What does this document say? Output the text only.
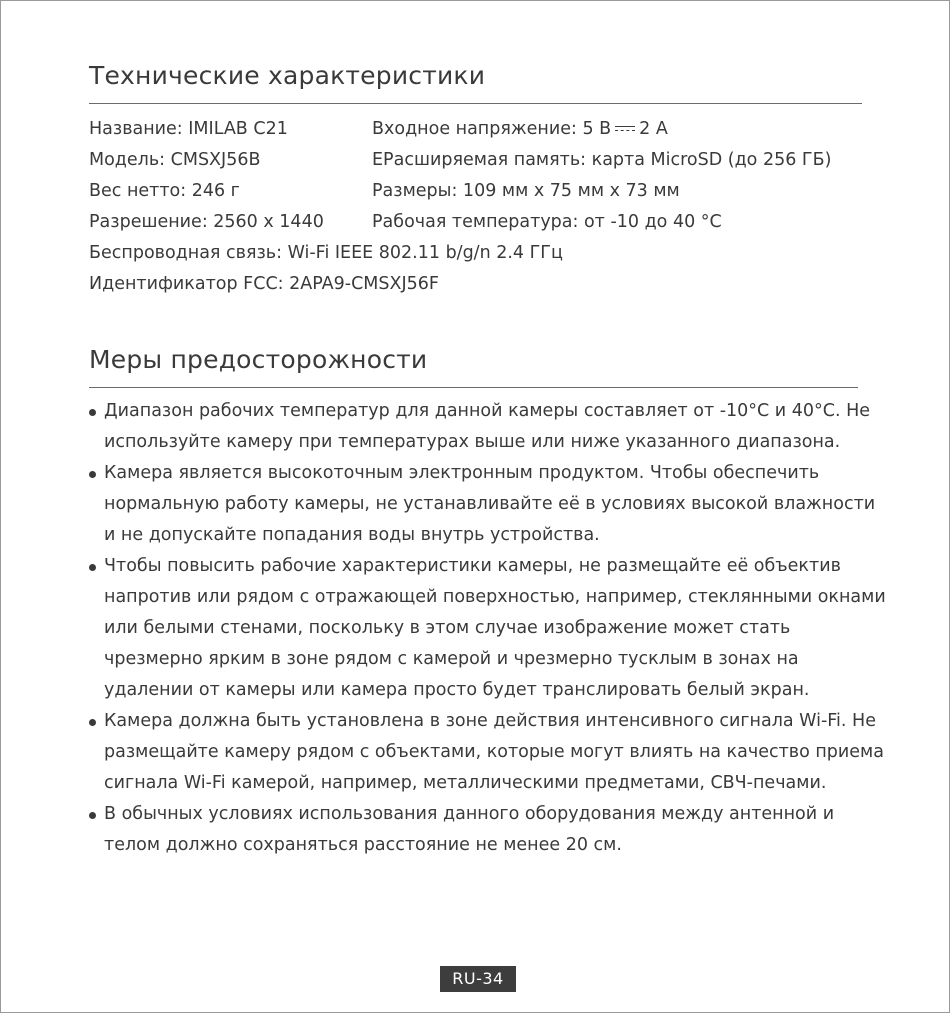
Технические характеристики
Название: IMILAB C21	Входное напряжение: 5 В 2 А
Модель: CMSXJ56B	ЕРасширяемая память: карта MicroSD (до 256 ГБ)
Вес нетто: 246 г	Размеры: 109 мм x 75 мм x 73 мм
Разрешение: 2560 x 1440	Рабочая температура: от -10 до 40 °C
Беспроводная связь: Wi-Fi IEEE 802.11 b/g/n 2.4 ГГц
Идентификатор FCC: 2APA9-CMSXJ56F
Меры предосторожности
Диапазон рабочих температур для данной камеры составляет от -10°C и 40°C. Не используйте камеру при температурах выше или ниже указанного диапазона.
Камера является высокоточным электронным продуктом. Чтобы обеспечить нормальную работу камеры, не устанавливайте её в условиях высокой влажности и не допускайте попадания воды внутрь устройства.
Чтобы повысить рабочие характеристики камеры, не размещайте её объектив напротив или рядом с отражающей поверхностью, например, стеклянными окнами или белыми стенами, поскольку в этом случае изображение может стать чрезмерно ярким в зоне рядом с камерой и чрезмерно тусклым в зонах на удалении от камеры или камера просто будет транслировать белый экран.
Камера должна быть установлена в зоне действия интенсивного сигнала Wi-Fi. Не размещайте камеру рядом с объектами, которые могут влиять на качество приема сигнала Wi-Fi камерой, например, металлическими предметами, СВЧ-печами.
В обычных условиях использования данного оборудования между антенной и телом должно сохраняться расстояние не менее 20 см.
RU-34
